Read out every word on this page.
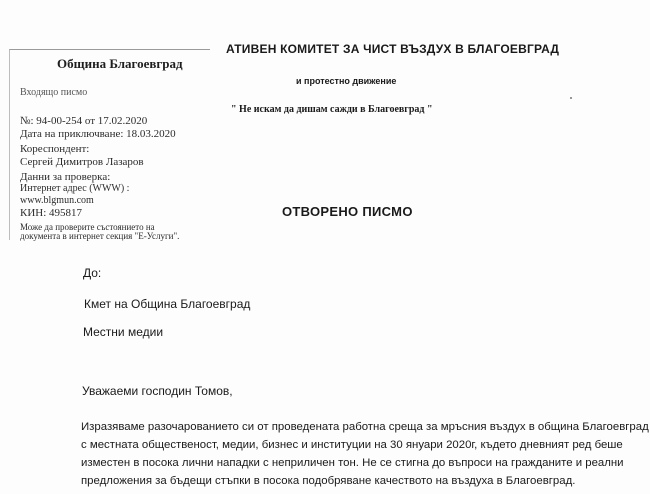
Община Благоевград
Входящо писмо
№: 94-00-254 от 17.02.2020
Дата на приключване: 18.03.2020
Кореспондент:
Сергей Димитров Лазаров
Данни за проверка:
Интернет адрес (WWW) :
www.blgmun.com
КИН: 495817
Може да проверите състоянието на
документа в интернет секция "Е-Услуги".
АТИВЕН КОМИТЕТ ЗА ЧИСТ ВЪЗДУХ В БЛАГОЕВГРАД
и протестно движение
" Не искам да дишам сажди в Благоевград "
ОТВОРЕНО ПИСМО
До:
Кмет на Община Благоевград
Местни медии
Уважаеми господин Томов,
Изразяваме разочарованието си от проведената работна среща за мръсния въздух в община Благоевград с местната общественост, медии, бизнес и институции на 30 януари 2020г, където дневният ред беше изместен в посока лични нападки с неприличен тон. Не се стигна до въпроси на гражданите и реални предложения за бъдещи стъпки в посока подобряване качеството на въздуха в Благоевград.
